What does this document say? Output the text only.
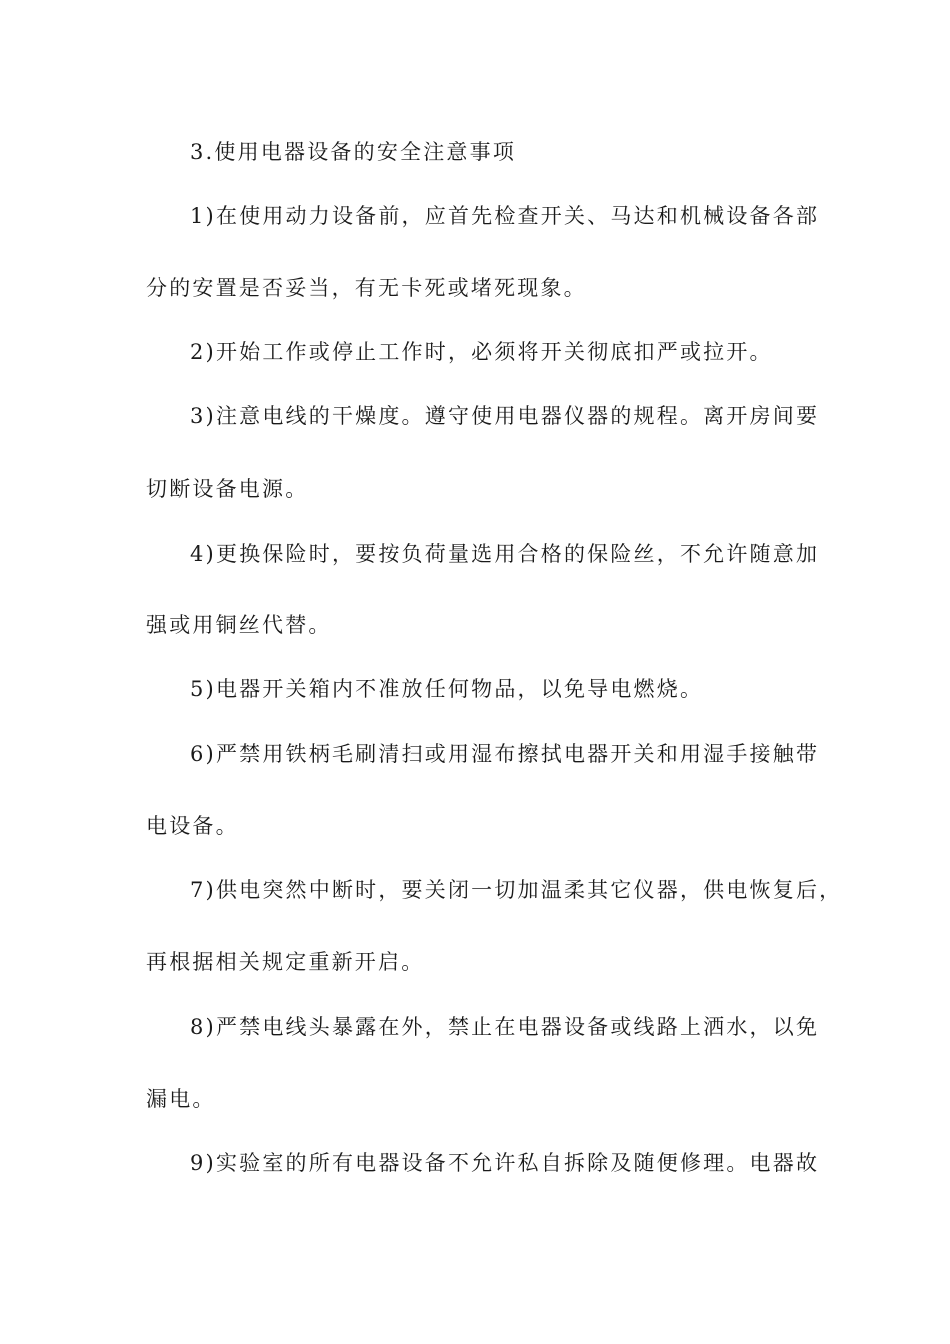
3.使用电器设备的安全注意事项

1)在使用动力设备前，应首先检查开关、马达和机械设备各部

分的安置是否妥当，有无卡死或堵死现象。

2)开始工作或停止工作时，必须将开关彻底扣严或拉开。

3)注意电线的干燥度。遵守使用电器仪器的规程。离开房间要

切断设备电源。

4)更换保险时，要按负荷量选用合格的保险丝，不允许随意加

强或用铜丝代替。

5)电器开关箱内不准放任何物品，以免导电燃烧。

6)严禁用铁柄毛刷清扫或用湿布擦拭电器开关和用湿手接触带

电设备。

7)供电突然中断时，要关闭一切加温柔其它仪器，供电恢复后，

再根据相关规定重新开启。

8)严禁电线头暴露在外，禁止在电器设备或线路上洒水，以免

漏电。

9)实验室的所有电器设备不允许私自拆除及随便修理。电器故
